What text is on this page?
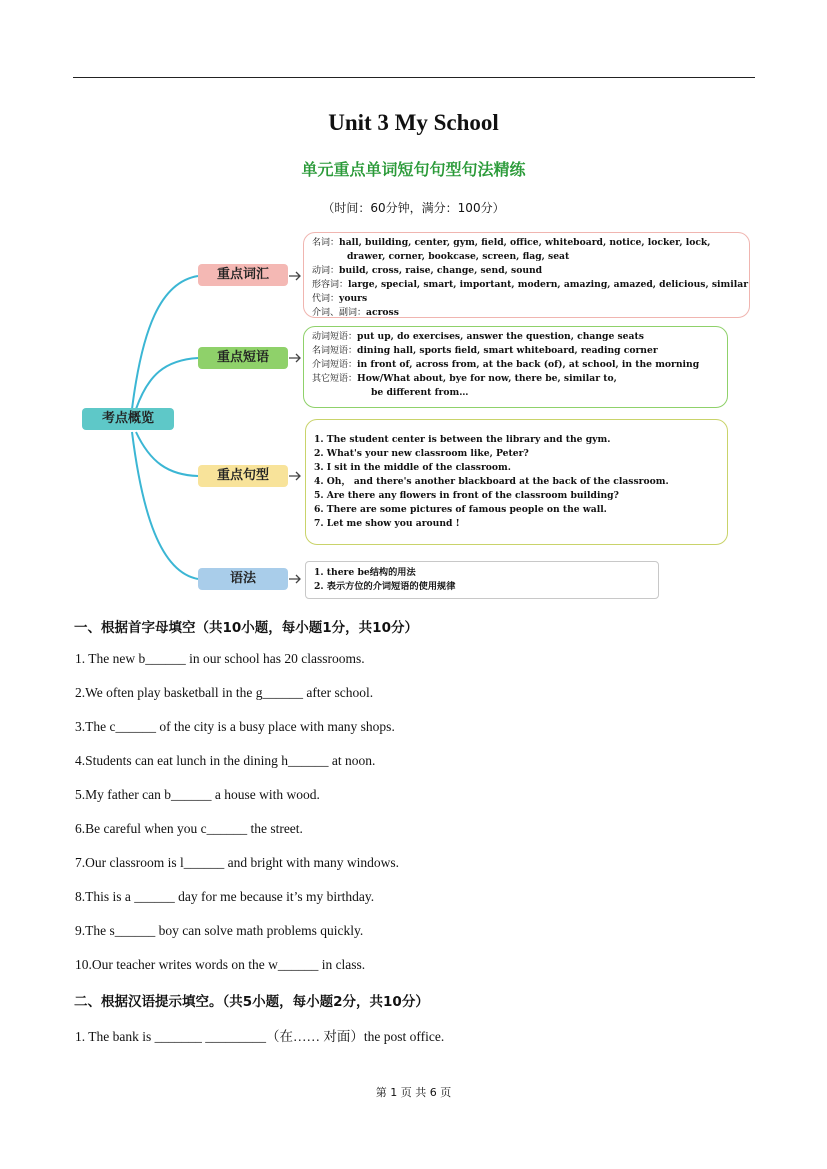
Unit 3 My School
单元重点单词短句句型句法精练
（时间：60分钟，满分：100分）
考点概览
重点词汇
重点短语
重点句型
语法
名词：hall, building, center, gym, field, office, whiteboard, notice, locker, lock,
drawer, corner, bookcase, screen, flag, seat
动词：build, cross, raise, change, send, sound
形容词：large, special, smart, important, modern, amazing, amazed, delicious, similar
代词：yours
介词、副词：across
动词短语：put up, do exercises, answer the question, change seats
名词短语：dining hall, sports field, smart whiteboard, reading corner
介词短语：in front of, across from, at the back (of), at school, in the morning
其它短语：How/What about, bye for now, there be, similar to,
be different from…
1. The student center is between the library and the gym.
2. What's your new classroom like, Peter?
3. I sit in the middle of the classroom.
4. Oh， and there's another blackboard at the back of the classroom.
5. Are there any flowers in front of the classroom building?
6. There are some pictures of famous people on the wall.
7. Let me show you around !
1. there be结构的用法
2. 表示方位的介词短语的使用规律
一、根据首字母填空（共10小题，每小题1分，共10分）
1. The new b______ in our school has 20 classrooms.
2.We often play basketball in the g______ after school.
3.The c______ of the city is a busy place with many shops.
4.Students can eat lunch in the dining h______ at noon.
5.My father can b______ a house with wood.
6.Be careful when you c______ the street.
7.Our classroom is l______ and bright with many windows.
8.This is a ______ day for me because it’s my birthday.
9.The s______ boy can solve math problems quickly.
10.Our teacher writes words on the w______ in class.
二、根据汉语提示填空。（共5小题，每小题2分，共10分）
1. The bank is _______ _________（在…… 对面）the post office.
第 1 页 共 6 页
